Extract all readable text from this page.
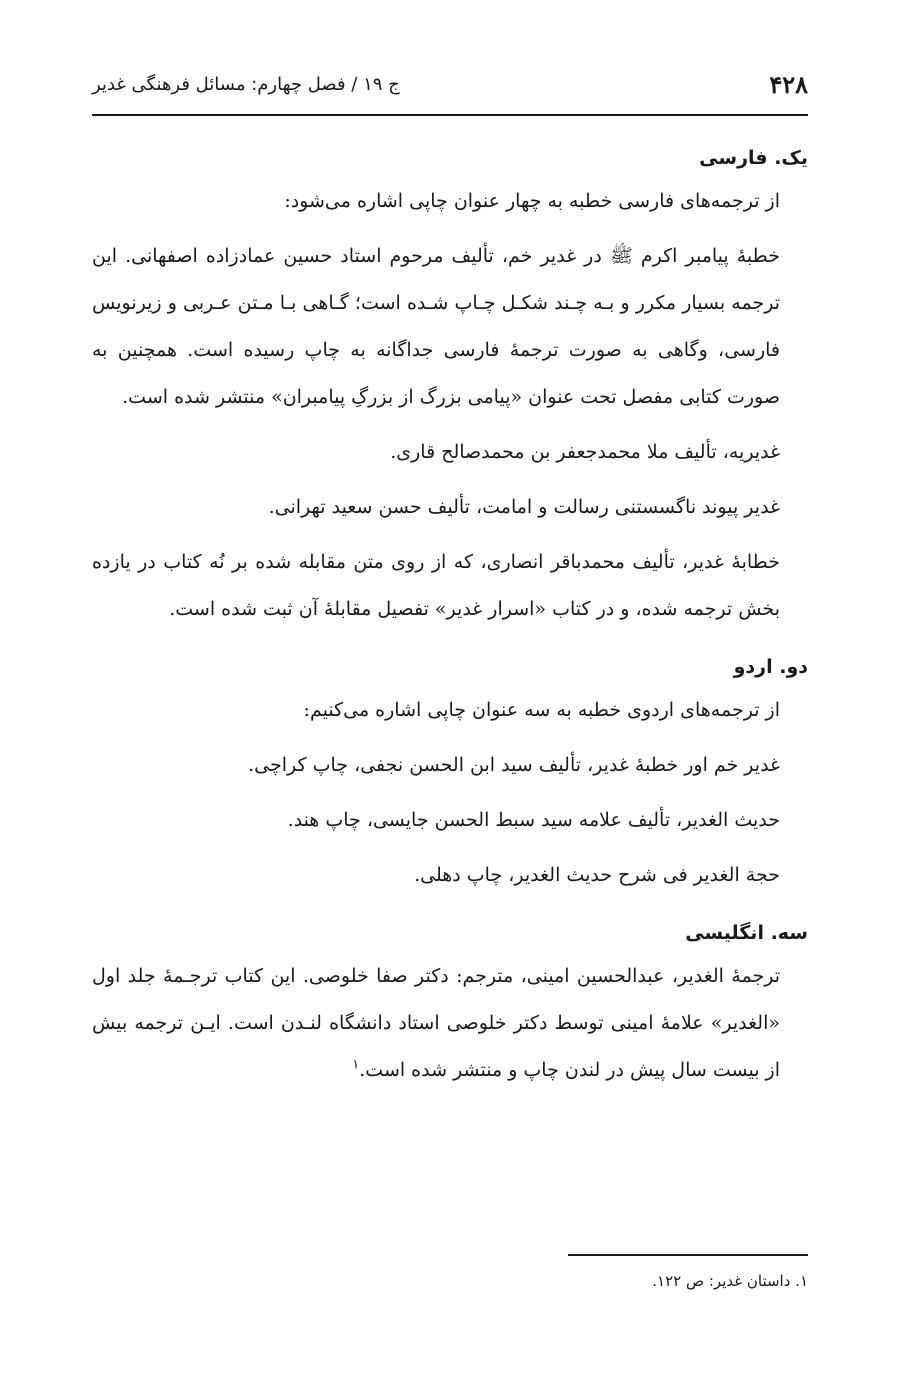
۴۲۸
ج ۱۹ / فصل چهارم: مسائل فرهنگی غدیر

یک. فارسی

از ترجمه‌های فارسی خطبه به چهار عنوان چاپی اشاره می‌شود:

خطبهٔ پیامبر اکرم ﷺ در غدیر خم، تألیف مرحوم استاد حسین عمادزاده اصفهانی. این ترجمه بسیار مکرر و بـه چـند شکـل چـاپ شـده است؛ گـاهی بـا مـتن عـربی و زیرنویس فارسی، وگاهی به صورت ترجمهٔ فارسی جداگانه به چاپ رسیده است. همچنین به صورت کتابی مفصل تحت عنوان «پیامی بزرگ از بزرگِ پیامبران» منتشر شده است.

غدیریه، تألیف ملا محمدجعفر بن محمدصالح قاری.

غدیر پیوند ناگسستنی رسالت و امامت، تألیف حسن سعید تهرانی.

خطابهٔ غدیر، تألیف محمدباقر انصاری، که از روی متن مقابله شده بر نُه کتاب در یازده بخش ترجمه شده، و در کتاب «اسرار غدیر» تفصیل مقابلهٔ آن ثبت شده است.

دو. اردو

از ترجمه‌های اردوی خطبه به سه عنوان چاپی اشاره می‌کنیم:

غدیر خم اور خطبهٔ غدیر، تألیف سید ابن الحسن نجفی، چاپ کراچی.

حدیث الغدیر، تألیف علامه سید سبط الحسن جایسی، چاپ هند.

حجة الغدیر فی شرح حدیث الغدیر، چاپ دهلی.

سه. انگلیسی

ترجمهٔ الغدیر، عبدالحسین امینی، مترجم: دکتر صفا خلوصی. این کتاب ترجـمهٔ جلد اول «الغدیر» علامهٔ امینی توسط دکتر خلوصی استاد دانشگاه لنـدن است. ایـن ترجمه بیش از بیست سال پیش در لندن چاپ و منتشر شده است.$^۱$

۱. داستان غدیر: ص ۱۲۲.
